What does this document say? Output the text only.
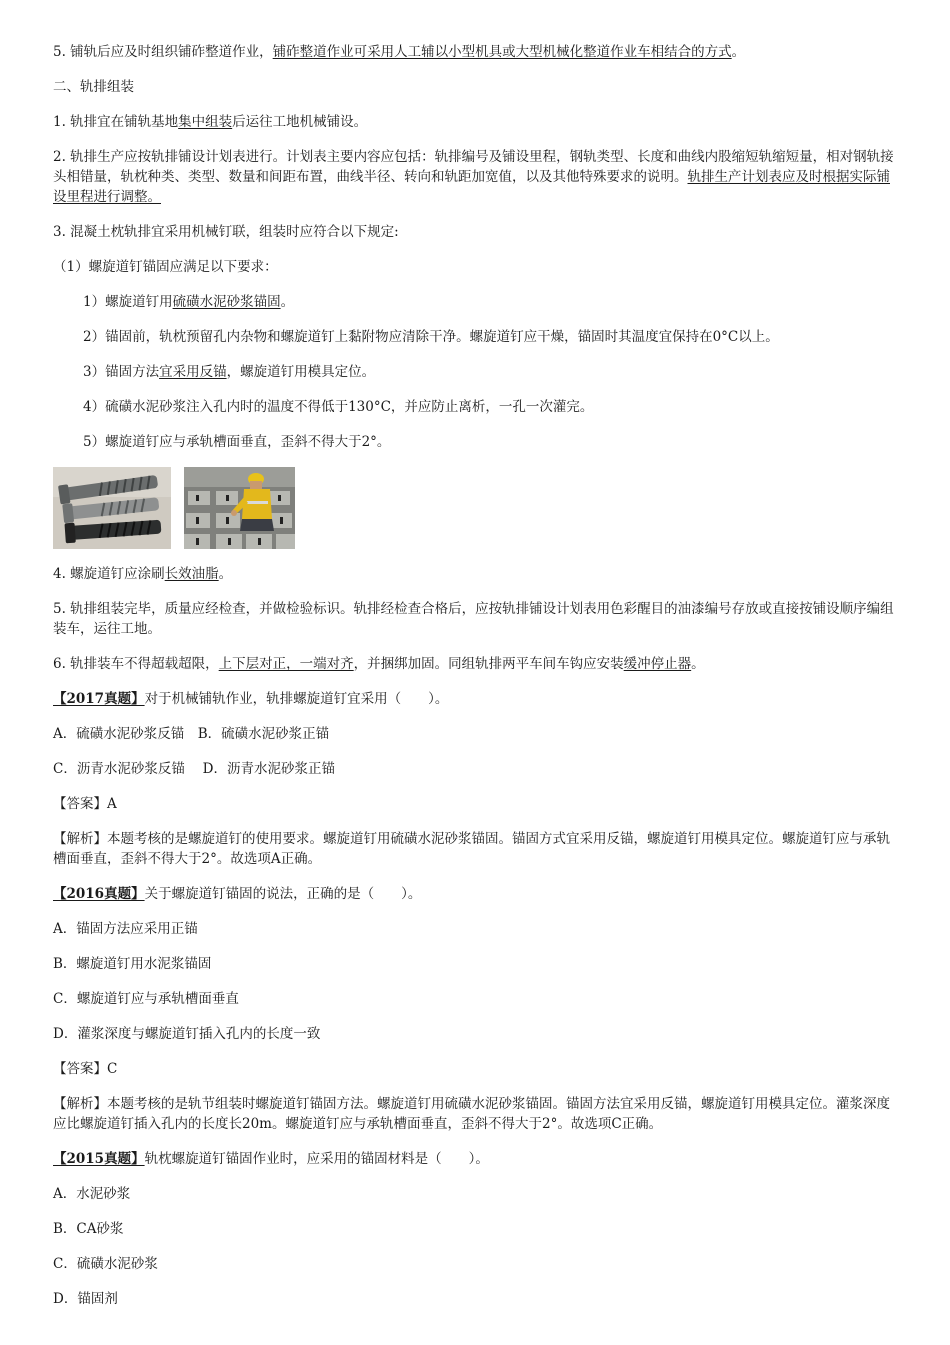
5. 铺轨后应及时组织铺砟整道作业，铺砟整道作业可采用人工辅以小型机具或大型机械化整道作业车相结合的方式。

二、轨排组装

1. 轨排宜在铺轨基地集中组装后运往工地机械铺设。

2. 轨排生产应按轨排铺设计划表进行。计划表主要内容应包括：轨排编号及铺设里程，钢轨类型、长度和曲线内股缩短轨缩短量，相对钢轨接头相错量，轨枕种类、类型、数量和间距布置，曲线半径、转向和轨距加宽值，以及其他特殊要求的说明。轨排生产计划表应及时根据实际铺设里程进行调整。

3. 混凝土枕轨排宜采用机械钉联，组装时应符合以下规定:

（1）螺旋道钉锚固应满足以下要求：

1）螺旋道钉用硫磺水泥砂浆锚固。

2）锚固前，轨枕预留孔内杂物和螺旋道钉上黏附物应清除干净。螺旋道钉应干燥，锚固时其温度宜保持在0°C以上。

3）锚固方法宜采用反锚，螺旋道钉用模具定位。

4）硫磺水泥砂浆注入孔内时的温度不得低于130°C，并应防止离析，一孔一次灌完。

5）螺旋道钉应与承轨槽面垂直，歪斜不得大于2°。

4. 螺旋道钉应涂刷长效油脂。

5. 轨排组装完毕，质量应经检查，并做检验标识。轨排经检查合格后，应按轨排铺设计划表用色彩醒目的油漆编号存放或直接按铺设顺序编组装车，运往工地。

6. 轨排装车不得超载超限，上下层对正，一端对齐，并捆绑加固。同组轨排两平车间车钩应安装缓冲停止器。

【2017真题】对于机械铺轨作业，轨排螺旋道钉宜采用（　　）。

A．硫磺水泥砂浆反锚　B．硫磺水泥砂浆正锚

C．沥青水泥砂浆反锚　 D．沥青水泥砂浆正锚

【答案】A

【解析】本题考核的是螺旋道钉的使用要求。螺旋道钉用硫磺水泥砂浆锚固。锚固方式宜采用反锚，螺旋道钉用模具定位。螺旋道钉应与承轨槽面垂直，歪斜不得大于2°。故选项A正确。

【2016真题】关于螺旋道钉锚固的说法，正确的是（　　）。

A．锚固方法应采用正锚

B．螺旋道钉用水泥浆锚固

C．螺旋道钉应与承轨槽面垂直

D．灌浆深度与螺旋道钉插入孔内的长度一致

【答案】C

【解析】本题考核的是轨节组装时螺旋道钉锚固方法。螺旋道钉用硫磺水泥砂浆锚固。锚固方法宜采用反锚，螺旋道钉用模具定位。灌浆深度应比螺旋道钉插入孔内的长度长20m。螺旋道钉应与承轨槽面垂直，歪斜不得大于2°。故选项C正确。

【2015真题】轨枕螺旋道钉锚固作业时，应采用的锚固材料是（　　）。

A．水泥砂浆

B．CA砂浆

C．硫磺水泥砂浆

D．锚固剂
